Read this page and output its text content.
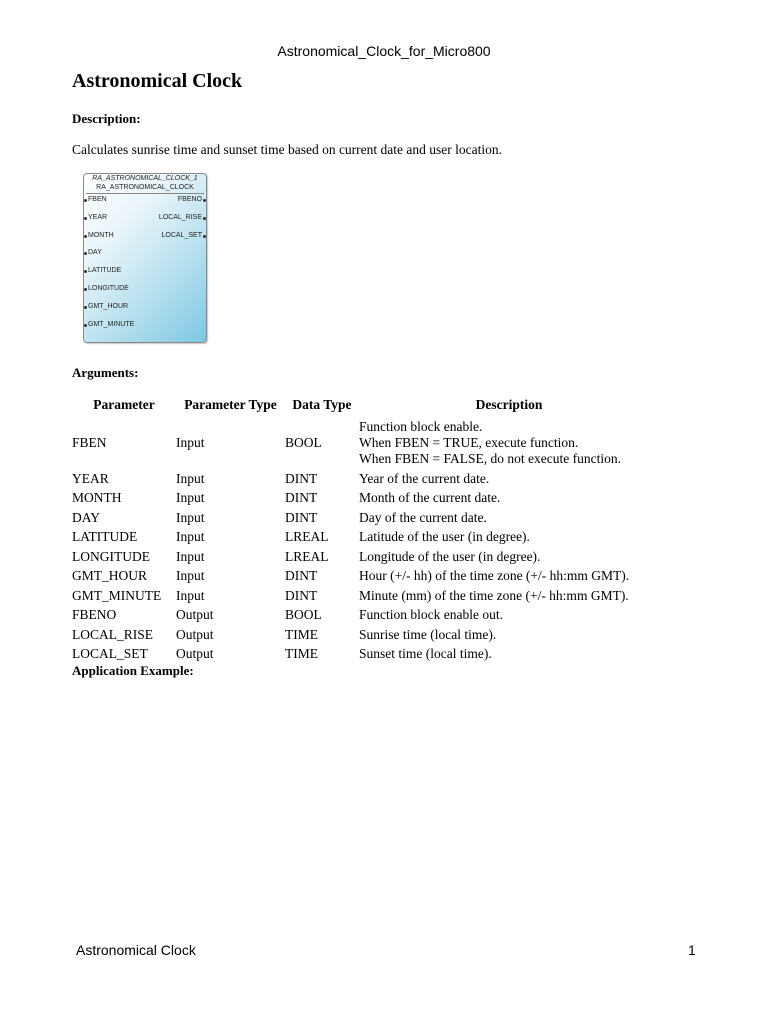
Astronomical_Clock_for_Micro800
Astronomical Clock
Description:
Calculates sunrise time and sunset time based on current date and user location.
RA_ASTRONOMICAL_CLOCK_1
RA_ASTRONOMICAL_CLOCK
FBEN
YEAR
MONTH
DAY
LATITUDE
LONGITUDE
GMT_HOUR
GMT_MINUTE
FBENO
LOCAL_RISE
LOCAL_SET
Arguments:
Parameter	Parameter Type	Data Type	Description
FBEN	Input	BOOL	Function block enable.
When FBEN = TRUE, execute function.
When FBEN = FALSE, do not execute function.

YEAR	Input	DINT	Year of the current date.

MONTH	Input	DINT	Month of the current date.

DAY	Input	DINT	Day of the current date.

LATITUDE	Input	LREAL	Latitude of the user (in degree).

LONGITUDE	Input	LREAL	Longitude of the user (in degree).

GMT_HOUR	Input	DINT	Hour (+/- hh) of the time zone (+/- hh:mm GMT).

GMT_MINUTE	Input	DINT	Minute (mm) of the time zone (+/- hh:mm GMT).

FBENO	Output	BOOL	Function block enable out.

LOCAL_RISE	Output	TIME	Sunrise time (local time).

LOCAL_SET	Output	TIME	Sunset time (local time).
Application Example:
Astronomical Clock	1
